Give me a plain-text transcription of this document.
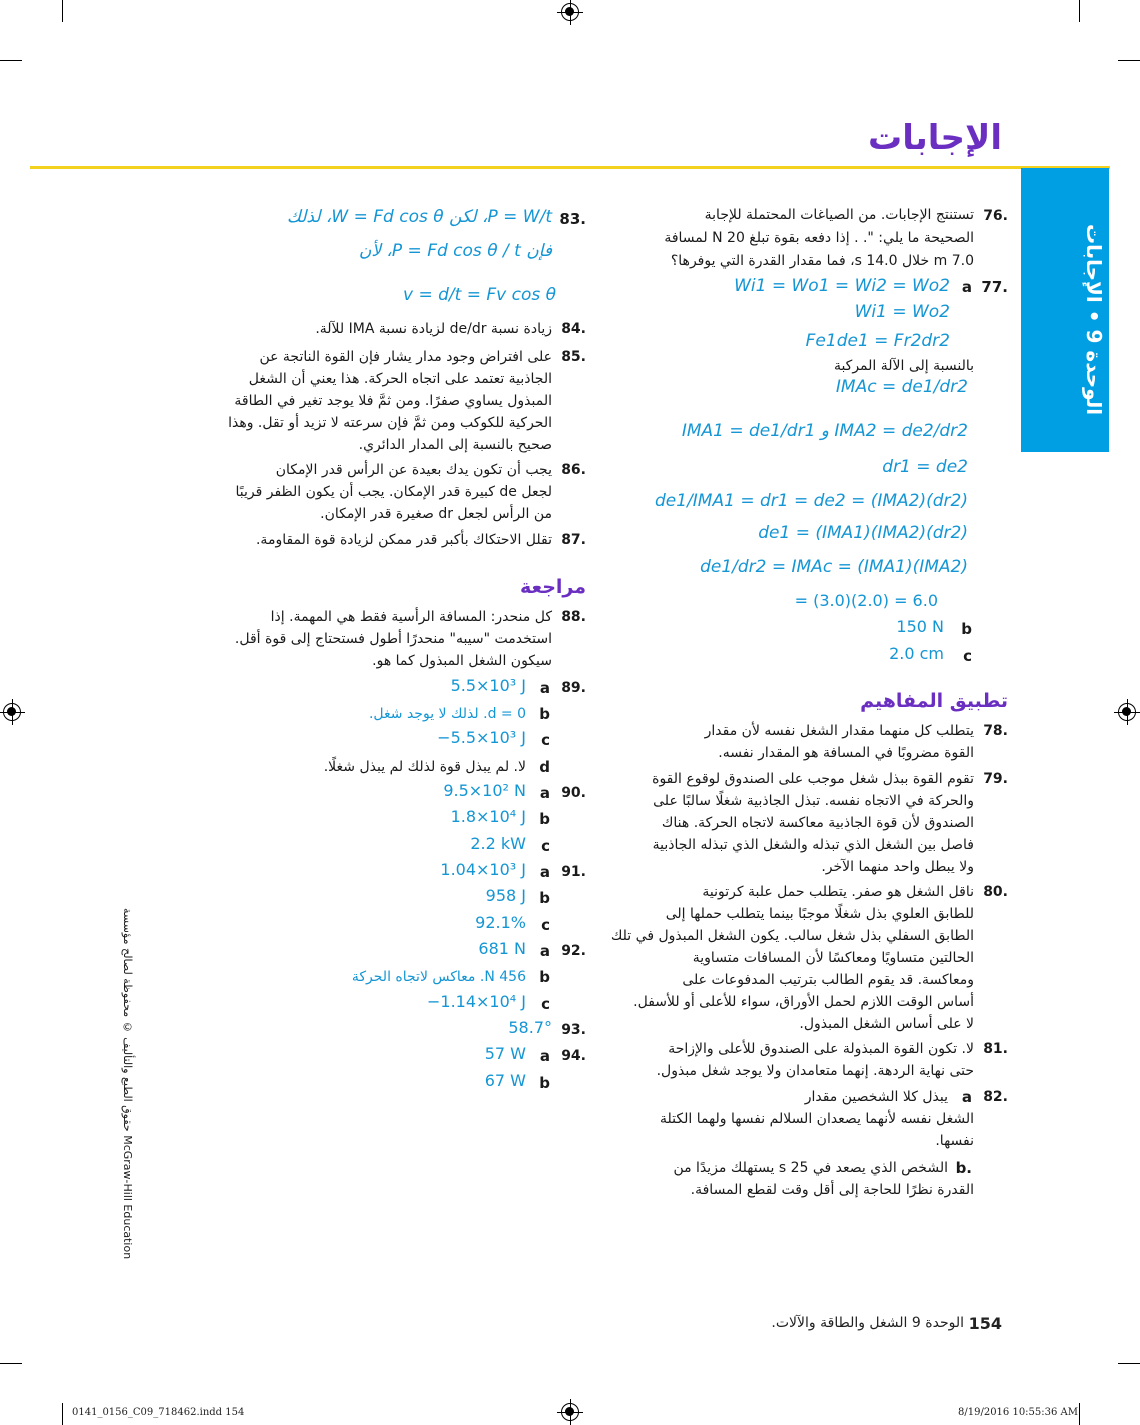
الإجابات
الوحدة 9 • الإجابات
.76
تستنتج الإجابات. من الصياغات المحتملة للإجابة
الصحيحة ما يلي: ". . إذا دفعه بقوة تبلغ N 20 لمسافة
m 7.0 خلال s 14.0، فما مقدار القدرة التي يوفرها؟
.77
a
Wi1 = Wo1 = Wi2 = Wo2
Wi1 = Wo2
Fe1de1 = Fr2dr2
بالنسبة إلى الآلة المركبة
IMAc = de1/dr2
IMA1 = de1/dr1 و IMA2 = de2/dr2
dr1 = de2
de1/IMA1 = dr1 = de2 = (IMA2)(dr2)
de1 = (IMA1)(IMA2)(dr2)
de1/dr2 = IMAc = (IMA1)(IMA2)
= (3.0)(2.0) = 6.0
b
150 N
c
2.0 cm
تطبيق المفاهيم
.78
يتطلب كل منهما مقدار الشغل نفسه لأن مقدار
القوة مضروبًا في المسافة هو المقدار نفسه.
.79
تقوم القوة ببذل شغل موجب على الصندوق لوقوع القوة
والحركة في الاتجاه نفسه. تبذل الجاذبية شغلًا سالبًا على
الصندوق لأن قوة الجاذبية معاكسة لاتجاه الحركة. هناك
فاصل بين الشغل الذي تبذله والشغل الذي تبذله الجاذبية
ولا يبطل واحد منهما الآخر.
.80
ناقل الشغل هو صفر. يتطلب حمل علبة كرتونية
للطابق العلوي بذل شغلًا موجبًا بينما يتطلب حملها إلى
الطابق السفلي بذل شغل سالب. يكون الشغل المبذول في تلك
الحالتين متساويًا ومعاكسًا لأن المسافات متساوية
ومعاكسة. قد يقوم الطالب بترتيب المدفوعات على
أساس الوقت اللازم لحمل الأوراق، سواء للأعلى أو للأسفل.
لا على أساس الشغل المبذول.
.81
لا. تكون القوة المبذولة على الصندوق للأعلى والإزاحة
حتى نهاية الردهة. إنهما متعامدان ولا يوجد شغل مبذول.
.82
a
يبذل كلا الشخصين مقدار
الشغل نفسه لأنهما يصعدان السلالم نفسها ولهما الكتلة
نفسها.
b.
الشخص الذي يصعد في s 25 يستهلك مزيدًا من
القدرة نظرًا للحاجة إلى أقل وقت لقطع المسافة.
.83
P = W/t، لكن W = Fd cos θ، لذلك
فإن P = Fd cos θ / t، لأن
v = d/t = Fv cos θ
.84
زيادة نسبة de/dr لزيادة نسبة IMA للآلة.
.85
على افتراض وجود مدار يشار فإن القوة الناتجة عن
الجاذبية تعتمد على اتجاه الحركة. هذا يعني أن الشغل
المبذول يساوي صفرًا. ومن ثمَّ فلا يوجد تغير في الطاقة
الحركية للكوكب ومن ثمَّ فإن سرعته لا تزيد أو تقل. وهذا
صحيح بالنسبة إلى المدار الدائري.
.86
يجب أن تكون يدك بعيدة عن الرأس قدر الإمكان
لجعل de كبيرة قدر الإمكان. يجب أن يكون الظفر قريبًا
من الرأس لجعل dr صغيرة قدر الإمكان.
.87
تقلل الاحتكاك بأكبر قدر ممكن لزيادة قوة المقاومة.
مراجعة
.88
كل منحدر: المسافة الرأسية فقط هي المهمة. إذا
استخدمت "سيبه" منحدرًا أطول فستحتاج إلى قوة أقل.
سيكون الشغل المبذول كما هو.
.89
a
5.5×10³ J
b
d = 0. لذلك لا يوجد شغل.
c
−5.5×10³ J
d
لا. لم يبذل قوة لذلك لم يبذل شغلًا.
.90
a
9.5×10² N
b
1.8×10⁴ J
c
2.2 kW
.91
a
1.04×10³ J
b
958 J
c
92.1%
.92
a
681 N
b
456 N. معاكس لاتجاه الحركة
c
−1.14×10⁴ J
.93
58.7°
.94
a
57 W
b
67 W
حقوق الطبع والتأليف © محفوظة لصالح مؤسسة McGraw-Hill Education
154
الوحدة 9 الشغل والطاقة والآلات.
0141_0156_C09_718462.indd 154	8/19/2016 10:55:36 AM
